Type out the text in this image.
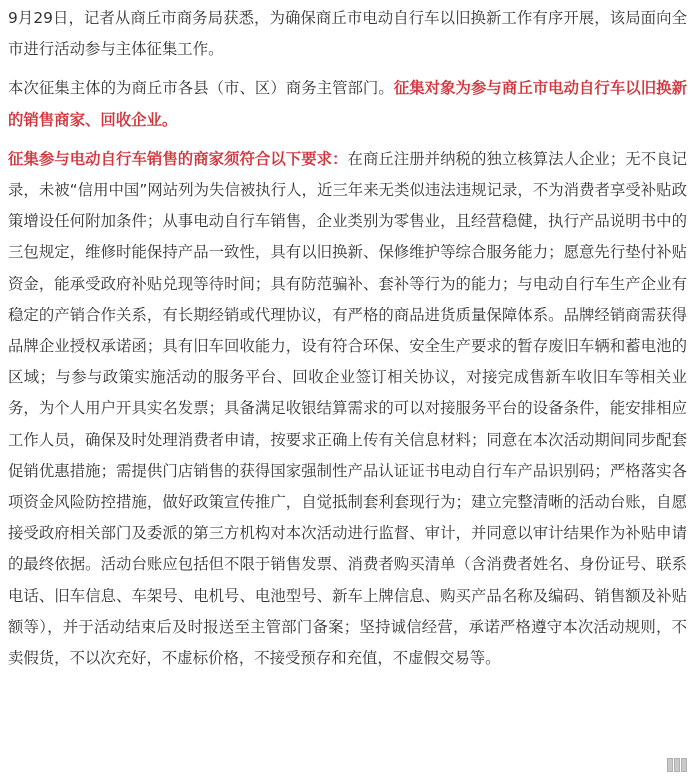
9月29日，记者从商丘市商务局获悉，为确保商丘市电动自行车以旧换新工作有序开展，该局面向全市进行活动参与主体征集工作。

本次征集主体的为商丘市各县（市、区）商务主管部门。征集对象为参与商丘市电动自行车以旧换新的销售商家、回收企业。

征集参与电动自行车销售的商家须符合以下要求：在商丘注册并纳税的独立核算法人企业；无不良记录，未被“信用中国”网站列为失信被执行人，近三年来无类似违法违规记录，不为消费者享受补贴政策增设任何附加条件；从事电动自行车销售，企业类别为零售业，且经营稳健，执行产品说明书中的三包规定，维修时能保持产品一致性，具有以旧换新、保修维护等综合服务能力；愿意先行垫付补贴资金，能承受政府补贴兑现等待时间；具有防范骗补、套补等行为的能力；与电动自行车生产企业有稳定的产销合作关系，有长期经销或代理协议，有严格的商品进货质量保障体系。品牌经销商需获得品牌企业授权承诺函；具有旧车回收能力，设有符合环保、安全生产要求的暂存废旧车辆和蓄电池的区域；与参与政策实施活动的服务平台、回收企业签订相关协议，对接完成售新车收旧车等相关业务，为个人用户开具实名发票；具备满足收银结算需求的可以对接服务平台的设备条件，能安排相应工作人员，确保及时处理消费者申请，按要求正确上传有关信息材料；同意在本次活动期间同步配套促销优惠措施；需提供门店销售的获得国家强制性产品认证证书电动自行车产品识别码；严格落实各项资金风险防控措施，做好政策宣传推广，自觉抵制套利套现行为；建立完整清晰的活动台账，自愿接受政府相关部门及委派的第三方机构对本次活动进行监督、审计，并同意以审计结果作为补贴申请的最终依据。活动台账应包括但不限于销售发票、消费者购买清单（含消费者姓名、身份证号、联系电话、旧车信息、车架号、电机号、电池型号、新车上牌信息、购买产品名称及编码、销售额及补贴额等），并于活动结束后及时报送至主管部门备案；坚持诚信经营，承诺严格遵守本次活动规则，不卖假货，不以次充好，不虚标价格，不接受预存和充值，不虚假交易等。
